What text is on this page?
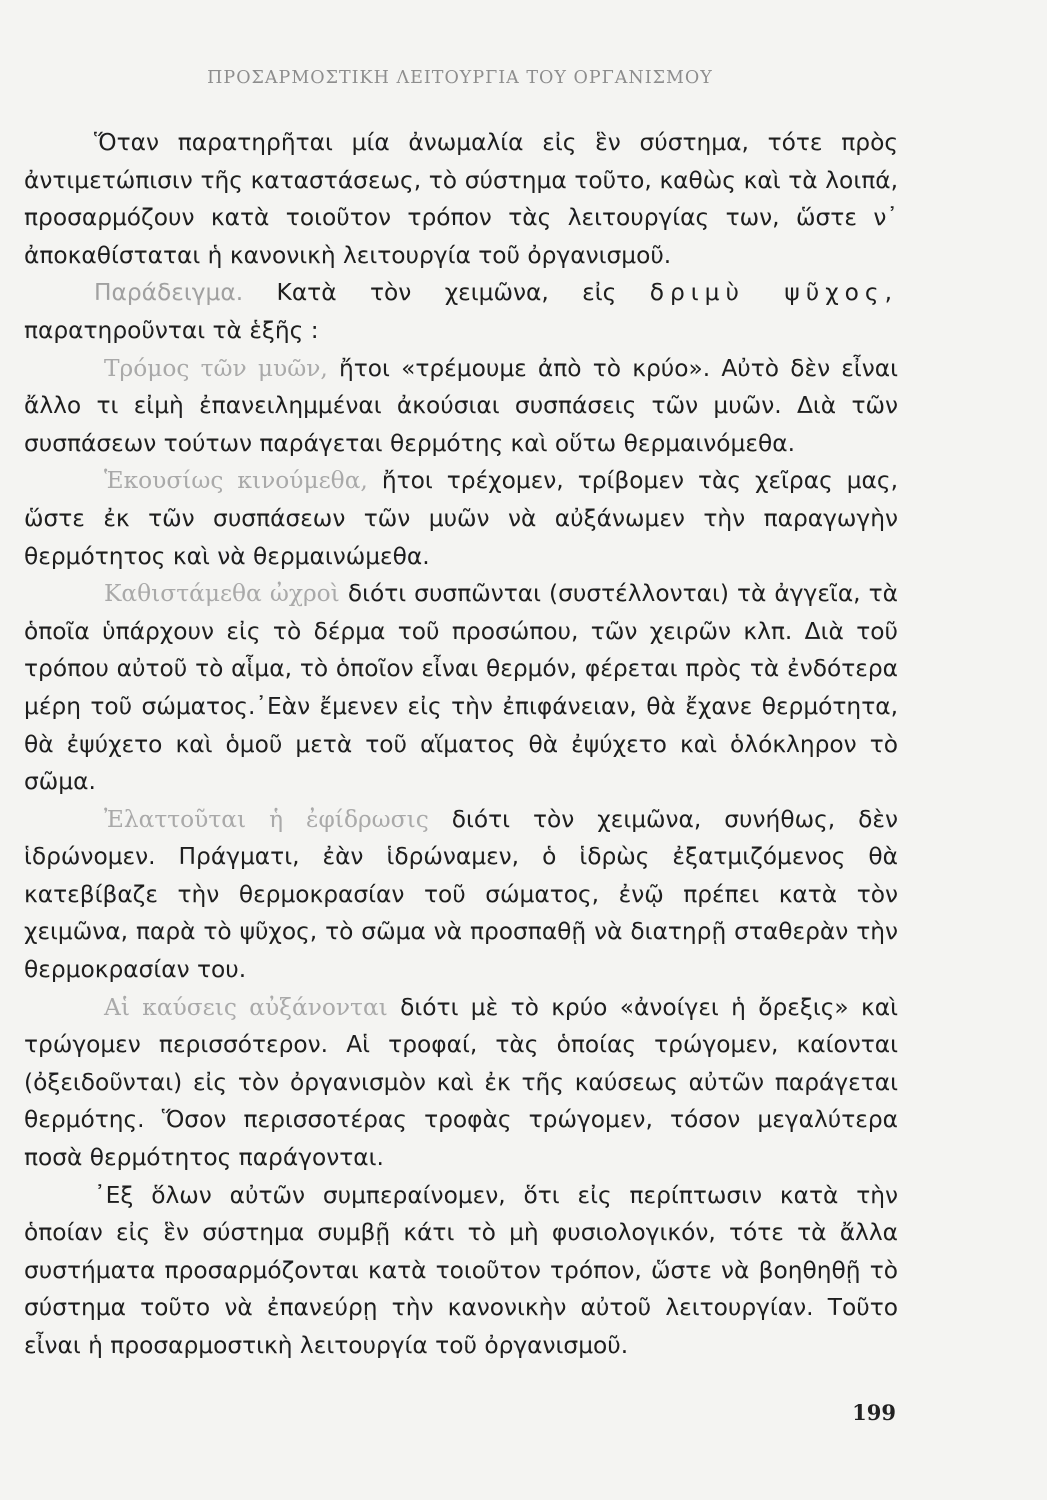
ΠΡΟΣΑΡΜΟΣΤΙΚΗ ΛΕΙΤΟΥΡΓΙΑ ΤΟΥ ΟΡΓΑΝΙΣΜΟΥ

Ὅταν παρατηρῆται μία ἀνωμαλία εἰς ἓν σύστημα, τότε πρὸς ἀντιμετώπισιν τῆς καταστάσεως, τὸ σύστημα τοῦτο, καθὼς καὶ τὰ λοιπά, προσαρμόζουν κατὰ τοιοῦτον τρόπον τὰς λειτουργίας των, ὥστε ν᾽ ἀποκαθίσταται ἡ κανονικὴ λειτουργία τοῦ ὀργανισμοῦ.

Παράδειγμα. Κατὰ τὸν χειμῶνα, εἰς δριμὺ ψῦχος, παρατηροῦνται τὰ ἑξῆς :

Τρόμος τῶν μυῶν, ἤτοι «τρέμουμε ἀπὸ τὸ κρύο». Αὐτὸ δὲν εἶναι ἄλλο τι εἰμὴ ἐπανειλημμέναι ἀκούσιαι συσπάσεις τῶν μυῶν. Διὰ τῶν συσπάσεων τούτων παράγεται θερμότης καὶ οὕτω θερμαινόμεθα.

Ἑκουσίως κινούμεθα, ἤτοι τρέχομεν, τρίβομεν τὰς χεῖρας μας, ὥστε ἐκ τῶν συσπάσεων τῶν μυῶν νὰ αὐξάνωμεν τὴν παραγωγὴν θερμότητος καὶ νὰ θερμαινώμεθα.

Καθιστάμεθα ὠχροὶ διότι συσπῶνται (συστέλλονται) τὰ ἀγγεῖα, τὰ ὁποῖα ὑπάρχουν εἰς τὸ δέρμα τοῦ προσώπου, τῶν χειρῶν κλπ. Διὰ τοῦ τρόπου αὐτοῦ τὸ αἷμα, τὸ ὁποῖον εἶναι θερμόν, φέρεται πρὸς τὰ ἐνδότερα μέρη τοῦ σώματος.᾽Εὰν ἔμενεν εἰς τὴν ἐπιφάνειαν, θὰ ἔχανε θερμότητα, θὰ ἐψύχετο καὶ ὁμοῦ μετὰ τοῦ αἵματος θὰ ἐψύχετο καὶ ὁλόκληρον τὸ σῶμα.

Ἐλαττοῦται ἡ ἐφίδρωσις διότι τὸν χειμῶνα, συνήθως, δὲν ἱδρώνομεν. Πράγματι, ἐὰν ἱδρώναμεν, ὁ ἱδρὼς ἐξατμιζόμενος θὰ κατεβίβαζε τὴν θερμοκρασίαν τοῦ σώματος, ἐνῷ πρέπει κατὰ τὸν χειμῶνα, παρὰ τὸ ψῦχος, τὸ σῶμα νὰ προσπαθῇ νὰ διατηρῇ σταθερὰν τὴν θερμοκρασίαν του.

Αἱ καύσεις αὐξάνονται διότι μὲ τὸ κρύο «ἀνοίγει ἡ ὄρεξις» καὶ τρώγομεν περισσότερον. Αἱ τροφαί, τὰς ὁποίας τρώγομεν, καίονται (ὀξειδοῦνται) εἰς τὸν ὀργανισμὸν καὶ ἐκ τῆς καύσεως αὐτῶν παράγεται θερμότης. Ὅσον περισσοτέρας τροφὰς τρώγομεν, τόσον μεγαλύτερα ποσὰ θερμότητος παράγονται.

᾽Εξ ὅλων αὐτῶν συμπεραίνομεν, ὅτι εἰς περίπτωσιν κατὰ τὴν ὁποίαν εἰς ἓν σύστημα συμβῇ κάτι τὸ μὴ φυσιολογικόν, τότε τὰ ἄλλα συστήματα προσαρμόζονται κατὰ τοιοῦτον τρόπον, ὥστε νὰ βοηθηθῇ τὸ σύστημα τοῦτο νὰ ἐπανεύρῃ τὴν κανονικὴν αὐτοῦ λειτουργίαν. Τοῦτο εἶναι ἡ προσαρμοστικὴ λειτουργία τοῦ ὀργανισμοῦ.

199
